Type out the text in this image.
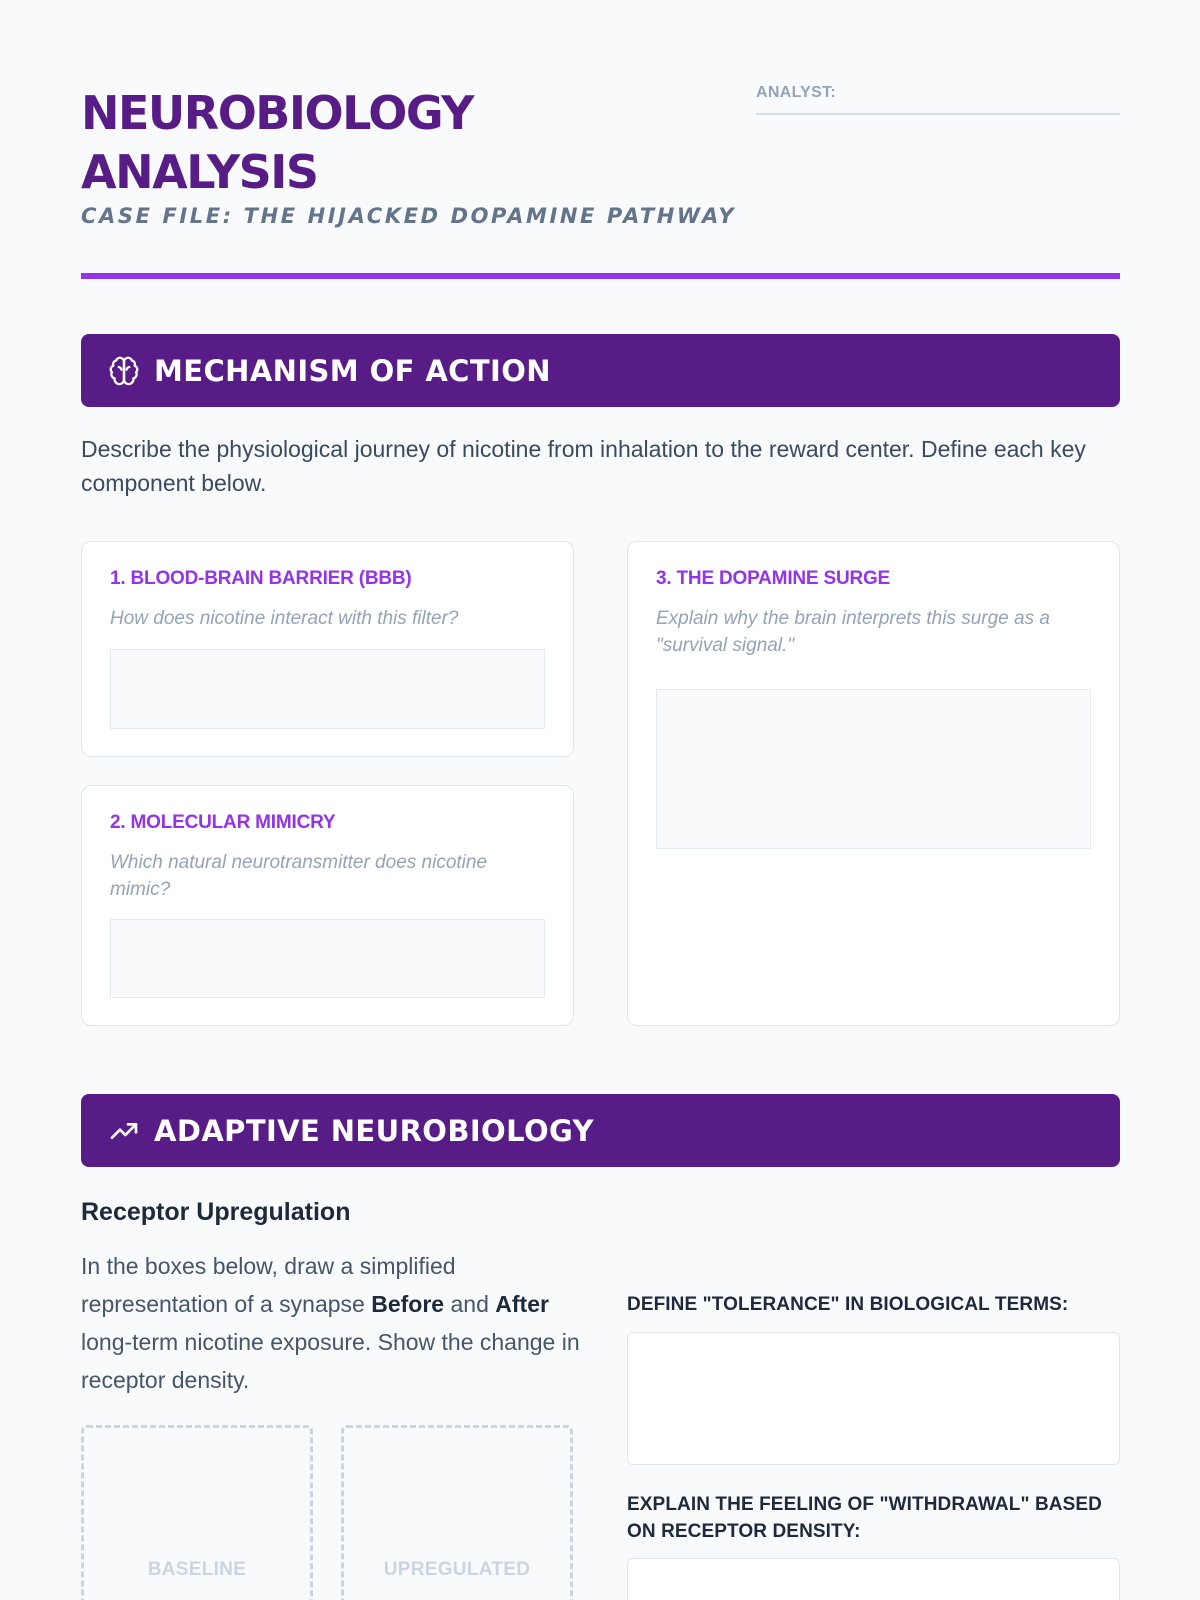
NEUROBIOLOGY ANALYSIS
CASE FILE: THE HIJACKED DOPAMINE PATHWAY
ANALYST:
MECHANISM OF ACTION

Describe the physiological journey of nicotine from inhalation to the reward center. Define each key component below.

1. BLOOD-BRAIN BARRIER (BBB)
How does nicotine interact with this filter?
2. MOLECULAR MIMICRY
Which natural neurotransmitter does nicotine mimic?
3. THE DOPAMINE SURGE
Explain why the brain interprets this surge as a "survival signal."
ADAPTIVE NEUROBIOLOGY
Receptor Upregulation

In the boxes below, draw a simplified representation of a synapse Before and After long-term nicotine exposure. Show the change in receptor density.

BASELINE	UPREGULATED
DEFINE "TOLERANCE" IN BIOLOGICAL TERMS:
EXPLAIN THE FEELING OF "WITHDRAWAL" BASED ON RECEPTOR DENSITY:
